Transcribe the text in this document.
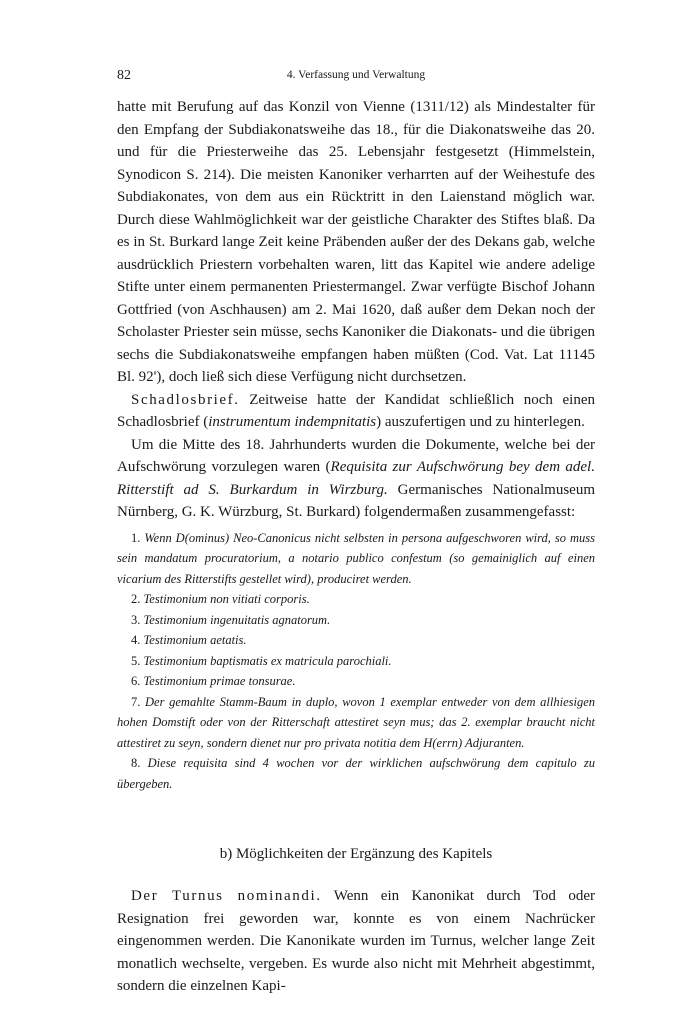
82	4. Verfassung und Verwaltung

hatte mit Berufung auf das Konzil von Vienne (1311/12) als Mindestalter für den Empfang der Subdiakonatsweihe das 18., für die Diakonatsweihe das 20. und für die Priesterweihe das 25. Lebensjahr festgesetzt (Himmelstein, Synodicon S. 214). Die meisten Kanoniker verharrten auf der Weihestufe des Subdiakonates, von dem aus ein Rücktritt in den Laienstand möglich war. Durch diese Wahlmöglichkeit war der geistliche Charakter des Stiftes blaß. Da es in St. Burkard lange Zeit keine Präbenden außer der des Dekans gab, welche ausdrücklich Priestern vorbehalten waren, litt das Kapitel wie andere adelige Stifte unter einem permanenten Priestermangel. Zwar verfügte Bischof Johann Gottfried (von Aschhausen) am 2. Mai 1620, daß außer dem Dekan noch der Scholaster Priester sein müsse, sechs Kanoniker die Diakonats- und die übrigen sechs die Subdiakonatsweihe empfangen haben müßten (Cod. Vat. Lat 11145 Bl. 92'), doch ließ sich diese Verfügung nicht durchsetzen.

Schadlosbrief. Zeitweise hatte der Kandidat schließlich noch einen Schadlosbrief (instrumentum indempnitatis) auszufertigen und zu hinterlegen.

Um die Mitte des 18. Jahrhunderts wurden die Dokumente, welche bei der Aufschwörung vorzulegen waren (Requisita zur Aufschwörung bey dem adel. Ritterstift ad S. Burkardum in Wirzburg. Germanisches Nationalmuseum Nürnberg, G. K. Würzburg, St. Burkard) folgendermaßen zusammengefasst:

1. Wenn D(ominus) Neo-Canonicus nicht selbsten in persona aufgeschworen wird, so muss sein mandatum procuratorium, a notario publico confestum (so gemainiglich auf einen vicarium des Ritterstifts gestellet wird), produciret werden.
2. Testimonium non vitiati corporis.
3. Testimonium ingenuitatis agnatorum.
4. Testimonium aetatis.
5. Testimonium baptismatis ex matricula parochiali.
6. Testimonium primae tonsurae.
7. Der gemahlte Stamm-Baum in duplo, wovon 1 exemplar entweder von dem allhiesigen hohen Domstift oder von der Ritterschaft attestiret seyn mus; das 2. exemplar braucht nicht attestiret zu seyn, sondern dienet nur pro privata notitia dem H(errn) Adjuranten.
8. Diese requisita sind 4 wochen vor der wirklichen aufschwörung dem capitulo zu übergeben.
b) Möglichkeiten der Ergänzung des Kapitels

Der Turnus nominandi. Wenn ein Kanonikat durch Tod oder Resignation frei geworden war, konnte es von einem Nachrücker eingenommen werden. Die Kanonikate wurden im Turnus, welcher lange Zeit monatlich wechselte, vergeben. Es wurde also nicht mit Mehrheit abgestimmt, sondern die einzelnen Kapi-
